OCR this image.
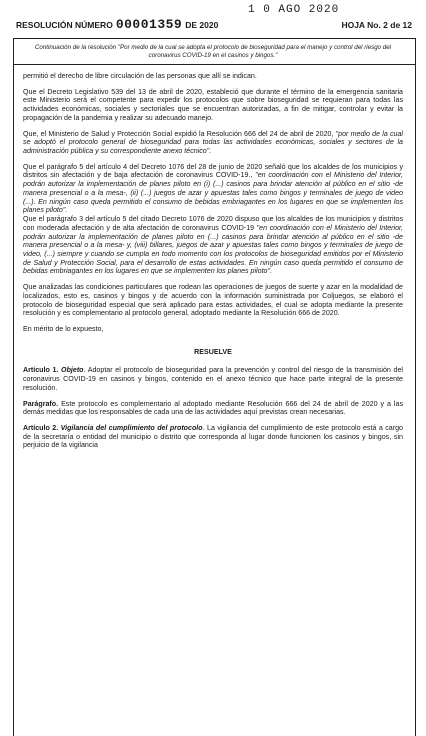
1 0 AGO 2020
RESOLUCIÓN NÚMERO 00001359 DE 2020	HOJA No. 2 de 12
Continuación de la resolución "Por medio de la cual se adopta el protocolo de bioseguridad para el manejo y control del riesgo del coronavirus COVID-19 en el casinos y bingos."

permitió el derecho de libre circulación de las personas que allí se indican.

Que el Decreto Legislativo 539 del 13 de abril de 2020, estableció que durante el término de la emergencia sanitaria este Ministerio será el competente para expedir los protocolos que sobre bioseguridad se requieran para todas las actividades económicas, sociales y sectoriales que se encuentran autorizadas, a fin de mitigar, controlar y evitar la propagación de la pandemia y realizar su adecuado manejo.

Que, el Ministerio de Salud y Protección Social expidió la Resolución 666 del 24 de abril de 2020, "por medio de la cual se adoptó el protocolo general de bioseguridad para todas las actividades económicas, sociales y sectores de la administración pública y su correspondiente anexo técnico".

Que el parágrafo 5 del artículo 4 del Decreto 1076 del 28 de junio de 2020 señaló que los alcaldes de los municipios y distritos sin afectación y de baja afectación de coronavirus COVID-19., "en coordinación con el Ministerio del Interior, podrán autorizar la implementación de planes piloto en (i) (...) casinos para brindar atención al público en el sitio -de manera presencial o a la mesa-, (ii) (...) juegos de azar y apuestas tales como bingos y terminales de juego de video (...). En ningún caso queda permitido el consumo de bebidas embriagantes en los lugares en que se implementen los planes piloto".

Que el parágrafo 3 del artículo 5 del citado Decreto 1076 de 2020 dispuso que los alcaldes de los municipios y distritos con moderada afectación y de alta afectación de coronavirus COVID-19 "en coordinación con el Ministerio del Interior, podrán autorizar la implementación de planes piloto en (...) casinos para brindar atención al público en el sitio -de manera presencial o a la mesa- y, (viii) billares, juegos de azar y apuestas tales como bingos y terminales de juego de video, (...) siempre y cuando se cumpla en todo momento con los protocolos de bioseguridad emitidos por el Ministerio de Salud y Protección Social, para el desarrollo de estas actividades. En ningún caso queda permitido el consumo de bebidas embriagantes en los lugares en que se implementen los planes piloto".

Que analizadas las condiciones particulares que rodean las operaciones de juegos de suerte y azar en la modalidad de localizados, esto es, casinos y bingos y de acuerdo con la información suministrada por Coljuegos, se elaboró el protocolo de bioseguridad especial que será aplicado para estas actividades, el cual se adopta mediante la presente resolución y es complementario al protocolo general, adoptado mediante la Resolución 666 de 2020.

En mérito de lo expuesto,

RESUELVE

Artículo 1. Objeto. Adoptar el protocolo de bioseguridad para la prevención y control del riesgo de la transmisión del coronavirus COVID-19 en casinos y bingos, contenido en el anexo técnico que hace parte integral de la presente resolución.

Parágrafo. Este protocolo es complementario al adoptado mediante Resolución 666 del 24 de abril de 2020 y a las demás medidas que los responsables de cada una de las actividades aquí previstas crean necesarias.

Artículo 2. Vigilancia del cumplimiento del protocolo. La vigilancia del cumplimiento de este protocolo está a cargo de la secretaría o entidad del municipio o distrito que corresponda al lugar donde funcionen los casinos y bingos, sin perjuicio de la vigilancia
